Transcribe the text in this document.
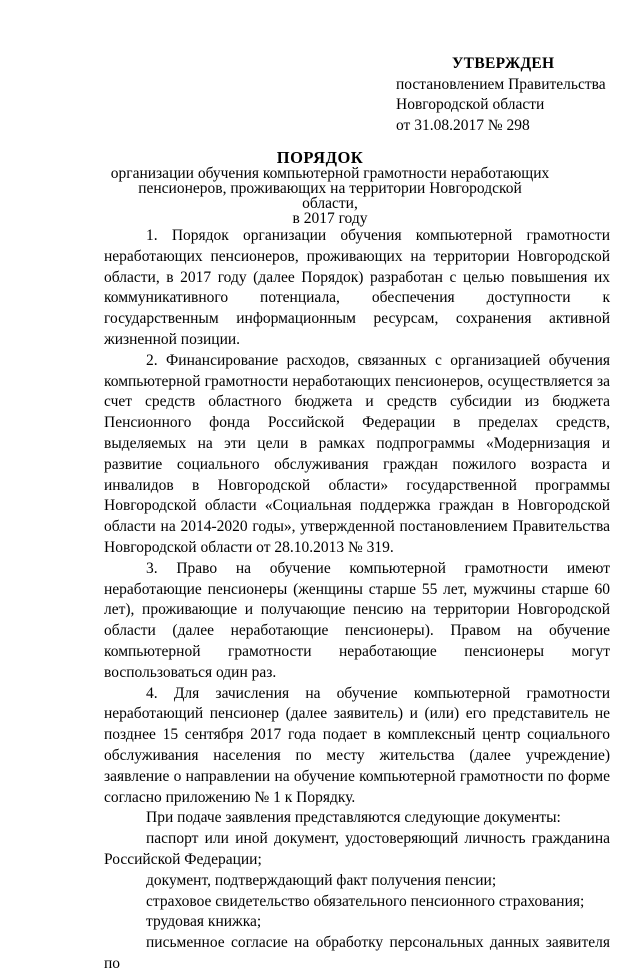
УТВЕРЖДЕН
постановлением Правительства
Новгородской области
от 31.08.2017 № 298
ПОРЯДОК
организации обучения компьютерной грамотности неработающих
пенсионеров, проживающих на территории Новгородской области,
в 2017 году

1. Порядок организации обучения компьютерной грамотности неработающих пенсионеров, проживающих на территории Новгородской области, в 2017 году (далее Порядок) разработан с целью повышения их коммуникативного потенциала, обеспечения доступности к государственным информационным ресурсам, сохранения активной жизненной позиции.

2. Финансирование расходов, связанных с организацией обучения компьютерной грамотности неработающих пенсионеров, осуществляется за счет средств областного бюджета и средств субсидии из бюджета Пенсионного фонда Российской Федерации в пределах средств, выделяемых на эти цели в рамках подпрограммы «Модернизация и развитие социального обслуживания граждан пожилого возраста и инвалидов в Новгородской области» государственной программы Новгородской области «Социальная поддержка граждан в Новгородской области на 2014-2020 годы», утвержденной постановлением Правительства Новгородской области от 28.10.2013 № 319.

3. Право на обучение компьютерной грамотности имеют неработающие пенсионеры (женщины старше 55 лет, мужчины старше 60 лет), проживающие и получающие пенсию на территории Новгородской области (далее неработающие пенсионеры). Правом на обучение компьютерной грамотности неработающие пенсионеры могут воспользоваться один раз.

4. Для зачисления на обучение компьютерной грамотности неработающий пенсионер (далее заявитель) и (или) его представитель не позднее 15 сентября 2017 года подает в комплексный центр социального обслуживания населения по месту жительства (далее учреждение) заявление о направлении на обучение компьютерной грамотности по форме согласно приложению № 1 к Порядку.

При подаче заявления представляются следующие документы:

паспорт или иной документ, удостоверяющий личность гражданина Российской Федерации;

документ, подтверждающий факт получения пенсии;

страховое свидетельство обязательного пенсионного страхования;

трудовая книжка;

письменное согласие на обработку персональных данных заявителя по
